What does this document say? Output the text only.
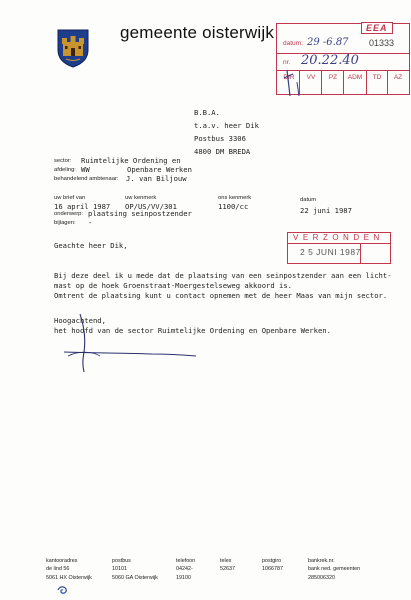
gemeente oisterwijk	EEA
datum: 29 -6.87 01333
nr. 20.22.40
DIR	VV	PZ	ADM	TD	AZ
B.B.A.
t.a.v. heer Dik
Postbus 3306
4800 DM BREDA
sector: Ruimtelijke Ordening en
afdeling: WW	Openbare Werken
behandelend ambtenaar: J. van Biljouw
uw brief van
16 april 1987
uw kenmerk
OP/US/VV/301
ons kenmerk
1100/cc
datum
22 juni 1987
onderwerp: plaatsing seinpostzender
bijlagen: -
VERZONDEN
2 5 JUNI 1987
Geachte heer Dik,
Bij deze deel ik u mede dat de plaatsing van een seinpostzender aan een licht-
mast op de hoek Groenstraat-Moergestelseweg akkoord is.
Omtrent de plaatsing kunt u contact opnemen met de heer Maas van mijn sector.
Hoogachtend,
het hoofd van de sector Ruimtelijke Ordening en Openbare Werken.
kantooradres
de lind 56
5061 HX Oisterwijk
postbus
10101
5060 GA Oisterwijk
telefoon
04242-
19100
telex
52637
postgiro
1066787
bankrek.nr.
bank ned. gemeenten
285006320
